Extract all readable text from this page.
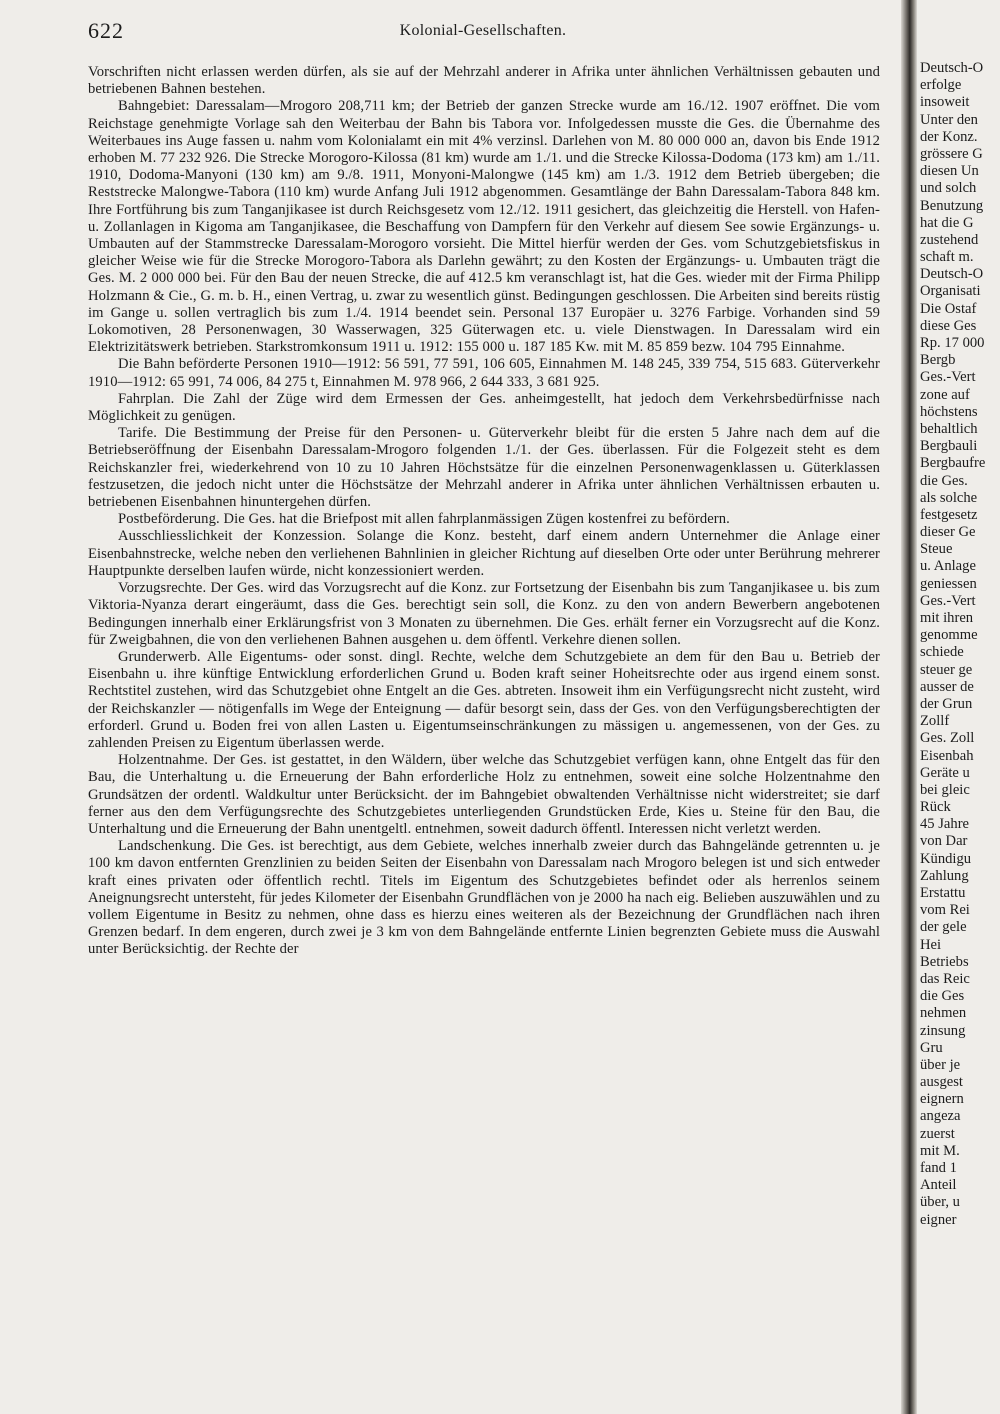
622	Kolonial-Gesellschaften.

Vorschriften nicht erlassen werden dürfen, als sie auf der Mehrzahl anderer in Afrika unter ähnlichen Verhältnissen gebauten und betriebenen Bahnen bestehen.

Bahngebiet: Daressalam—Mrogoro 208,711 km; der Betrieb der ganzen Strecke wurde am 16./12. 1907 eröffnet. Die vom Reichstage genehmigte Vorlage sah den Weiterbau der Bahn bis Tabora vor. Infolgedessen musste die Ges. die Übernahme des Weiterbaues ins Auge fassen u. nahm vom Kolonialamt ein mit 4% verzinsl. Darlehen von M. 80 000 000 an, davon bis Ende 1912 erhoben M. 77 232 926. Die Strecke Morogoro-Kilossa (81 km) wurde am 1./1. und die Strecke Kilossa-Dodoma (173 km) am 1./11. 1910, Dodoma-Manyoni (130 km) am 9./8. 1911, Monyoni-Malongwe (145 km) am 1./3. 1912 dem Betrieb übergeben; die Reststrecke Malongwe-Tabora (110 km) wurde Anfang Juli 1912 abgenommen. Gesamtlänge der Bahn Daressalam-Tabora 848 km. Ihre Fortführung bis zum Tanganjikasee ist durch Reichsgesetz vom 12./12. 1911 gesichert, das gleichzeitig die Herstell. von Hafen- u. Zollanlagen in Kigoma am Tanganjikasee, die Beschaffung von Dampfern für den Verkehr auf diesem See sowie Ergänzungs- u. Umbauten auf der Stammstrecke Daressalam-Morogoro vorsieht. Die Mittel hierfür werden der Ges. vom Schutzgebietsfiskus in gleicher Weise wie für die Strecke Morogoro-Tabora als Darlehn gewährt; zu den Kosten der Ergänzungs- u. Umbauten trägt die Ges. M. 2 000 000 bei. Für den Bau der neuen Strecke, die auf 412.5 km veranschlagt ist, hat die Ges. wieder mit der Firma Philipp Holzmann & Cie., G. m. b. H., einen Vertrag, u. zwar zu wesentlich günst. Bedingungen geschlossen. Die Arbeiten sind bereits rüstig im Gange u. sollen vertraglich bis zum 1./4. 1914 beendet sein. Personal 137 Europäer u. 3276 Farbige. Vorhanden sind 59 Lokomotiven, 28 Personenwagen, 30 Wasserwagen, 325 Güterwagen etc. u. viele Dienstwagen. In Daressalam wird ein Elektrizitätswerk betrieben. Starkstromkonsum 1911 u. 1912: 155 000 u. 187 185 Kw. mit M. 85 859 bezw. 104 795 Einnahme.

Die Bahn beförderte Personen 1910—1912: 56 591, 77 591, 106 605, Einnahmen M. 148 245, 339 754, 515 683. Güterverkehr 1910—1912: 65 991, 74 006, 84 275 t, Einnahmen M. 978 966, 2 644 333, 3 681 925.

Fahrplan. Die Zahl der Züge wird dem Ermessen der Ges. anheimgestellt, hat jedoch dem Verkehrsbedürfnisse nach Möglichkeit zu genügen.

Tarife. Die Bestimmung der Preise für den Personen- u. Güterverkehr bleibt für die ersten 5 Jahre nach dem auf die Betriebseröffnung der Eisenbahn Daressalam-Mrogoro folgenden 1./1. der Ges. überlassen. Für die Folgezeit steht es dem Reichskanzler frei, wiederkehrend von 10 zu 10 Jahren Höchstsätze für die einzelnen Personenwagenklassen u. Güterklassen festzusetzen, die jedoch nicht unter die Höchstsätze der Mehrzahl anderer in Afrika unter ähnlichen Verhältnissen erbauten u. betriebenen Eisenbahnen hinuntergehen dürfen.

Postbeförderung. Die Ges. hat die Briefpost mit allen fahrplanmässigen Zügen kostenfrei zu befördern.

Ausschliesslichkeit der Konzession. Solange die Konz. besteht, darf einem andern Unternehmer die Anlage einer Eisenbahnstrecke, welche neben den verliehenen Bahnlinien in gleicher Richtung auf dieselben Orte oder unter Berührung mehrerer Hauptpunkte derselben laufen würde, nicht konzessioniert werden.

Vorzugsrechte. Der Ges. wird das Vorzugsrecht auf die Konz. zur Fortsetzung der Eisenbahn bis zum Tanganjikasee u. bis zum Viktoria-Nyanza derart eingeräumt, dass die Ges. berechtigt sein soll, die Konz. zu den von andern Bewerbern angebotenen Bedingungen innerhalb einer Erklärungsfrist von 3 Monaten zu übernehmen. Die Ges. erhält ferner ein Vorzugsrecht auf die Konz. für Zweigbahnen, die von den verliehenen Bahnen ausgehen u. dem öffentl. Verkehre dienen sollen.

Grunderwerb. Alle Eigentums- oder sonst. dingl. Rechte, welche dem Schutzgebiete an dem für den Bau u. Betrieb der Eisenbahn u. ihre künftige Entwicklung erforderlichen Grund u. Boden kraft seiner Hoheitsrechte oder aus irgend einem sonst. Rechtstitel zustehen, wird das Schutzgebiet ohne Entgelt an die Ges. abtreten. Insoweit ihm ein Verfügungsrecht nicht zusteht, wird der Reichskanzler — nötigenfalls im Wege der Enteignung — dafür besorgt sein, dass der Ges. von den Verfügungsberechtigten der erforderl. Grund u. Boden frei von allen Lasten u. Eigentumseinschränkungen zu mässigen u. angemessenen, von der Ges. zu zahlenden Preisen zu Eigentum überlassen werde.

Holzentnahme. Der Ges. ist gestattet, in den Wäldern, über welche das Schutzgebiet verfügen kann, ohne Entgelt das für den Bau, die Unterhaltung u. die Erneuerung der Bahn erforderliche Holz zu entnehmen, soweit eine solche Holzentnahme den Grundsätzen der ordentl. Waldkultur unter Berücksicht. der im Bahngebiet obwaltenden Verhältnisse nicht widerstreitet; sie darf ferner aus den dem Verfügungsrechte des Schutzgebietes unterliegenden Grundstücken Erde, Kies u. Steine für den Bau, die Unterhaltung und die Erneuerung der Bahn unentgeltl. entnehmen, soweit dadurch öffentl. Interessen nicht verletzt werden.

Landschenkung. Die Ges. ist berechtigt, aus dem Gebiete, welches innerhalb zweier durch das Bahngelände getrennten u. je 100 km davon entfernten Grenzlinien zu beiden Seiten der Eisenbahn von Daressalam nach Mrogoro belegen ist und sich entweder kraft eines privaten oder öffentlich rechtl. Titels im Eigentum des Schutzgebietes befindet oder als herrenlos seinem Aneignungsrecht untersteht, für jedes Kilometer der Eisenbahn Grundflächen von je 2000 ha nach eig. Belieben auszuwählen und zu vollem Eigentume in Besitz zu nehmen, ohne dass es hierzu eines weiteren als der Bezeichnung der Grundflächen nach ihren Grenzen bedarf. In dem engeren, durch zwei je 3 km von dem Bahngelände entfernte Linien begrenzten Gebiete muss die Auswahl unter Berücksichtig. der Rechte der

Deutsch-O
erfolge
insoweit
Unter den
der Konz.
grössere G
diesen Un
und solch
Benutzung
hat die G
zustehend
schaft m.
Deutsch-O
Organisati
Die Ostaf
diese Ges
Rp. 17 000
Bergb
Ges.-Vert
zone auf
höchstens
behaltlich
Bergbauli
Bergbaufre
die Ges.
als solche
festgesetz
dieser Ge
Steue
u. Anlage
geniessen
Ges.-Vert
mit ihren
genomme
schiede
steuer ge
ausser de
der Grun
Zollf
Ges. Zoll
Eisenbah
Geräte u
bei gleic
Rück
45 Jahre
von Dar
Kündigu
Zahlung
Erstattu
vom Rei
der gele
Hei
Betriebs
das Reic
die Ges
nehmen
zinsung
Gru
über je
ausgest
eignern
angeza
zuerst
mit M.
fand 1
Anteil
über, u
eigner
